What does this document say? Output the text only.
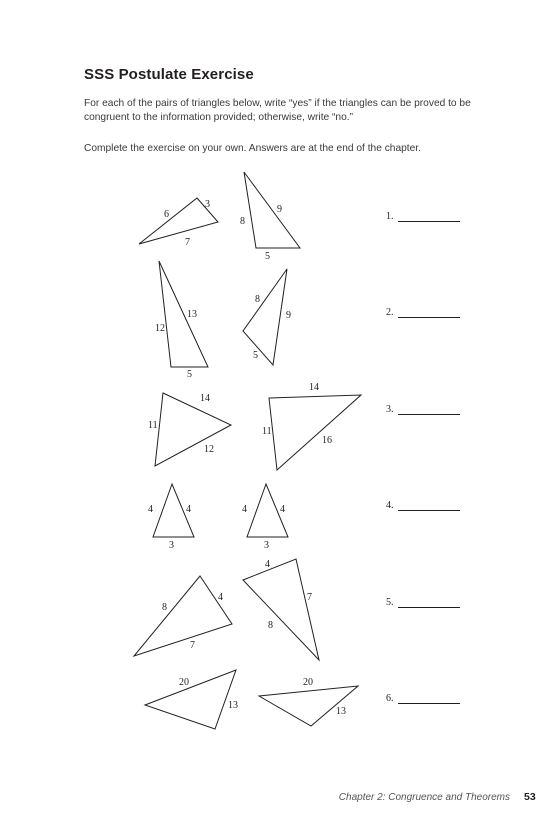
SSS Postulate Exercise
For each of the pairs of triangles below, write “yes” if the triangles can be proved to be congruent to the information provided; otherwise, write “no.”
Complete the exercise on your own. Answers are at the end of the chapter.
6
3
7
8
9
5
12
13
5
8
9
5
14
11
12
14
11
16
4	4
3
4	4
3
8
4
7
4
7
8
20
13
20
13
1.
2.
3.
4.
5.
6.
Chapter 2: Congruence and Theorems 53
